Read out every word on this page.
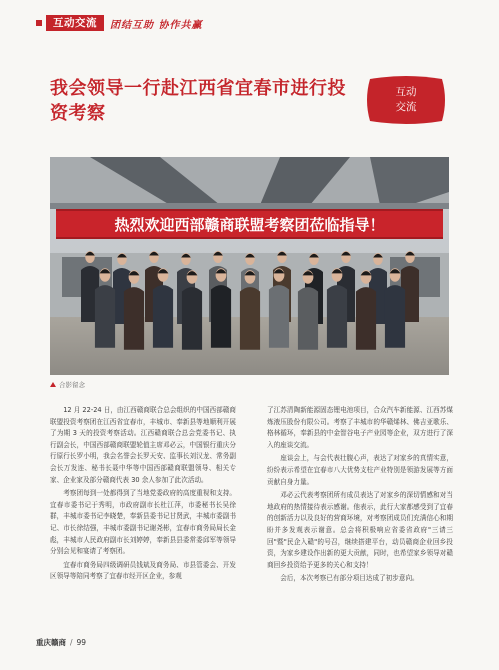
互动交流	团结互助 协作共赢
我会领导一行赴江西省宜春市进行投资考察
互动
交流
热烈欢迎西部赣商联盟考察团莅临指导！
合影留念

12 月 22-24 日，由江西赣商联合总会组织的中国西部赣商联盟投资考察团在江西省宜春市，丰城市、奉新县等地顺利开展了为期 3 天的投资考察活动。江西赣商联合总会党委书记、执行副会长，中国西部赣商联盟轮值主席邓必云，中国银行重庆分行原行长罗小明，我会名誉会长罗天安、监事长刘汉龙、常务副会长万发连、秘书长聂中华等中国西部赣商联盟领导、相关专家、企业家及部分赣商代表 30 余人参加了此次活动。

考察团每到一处都得到了当地党委政府的高度重视和支持。宜春市委书记于秀明，市政府副市长杜江萍，市委秘书长吴徐群，丰城市委书记李晓楚，奉新县委书记甘贤武，丰城市委副书记、市长徐结强，丰城市委副书记谢尧彬，宜春市商务局局长金彪，丰城市人民政府副市长刘婷婷，奉新县县委常委邱军等领导分别会见和宴请了考察团。

宜春市商务局四级调研员钱斌及商务局、市县管委会、开发区领导等陪同考察了宜春市经开区企业，参观

了江苏清陶新能源固态锂电池项目，合众汽车新能源、江西苏煤炼液压股份有限公司。考察了丰城市的华赣烯林、佛吉亚歌乐、格林循环，奉新县的中金智谷电子产业园等企业，双方进行了深入的座谈交流。

座谈会上，与会代表壮腹心声，表达了对家乡的真情实意，纷纷表示希望在宜春市八大优势支柱产业特别是领游发展等方面贡献自身力量。

邓必云代表考察团所有成员表达了对家乡的深切情感和对当地政府的热情接待表示感谢。他表示，此行大家都感受到了宜春的创新活力以及良好的营商环境，对考察团成员们充满信心和期盼并多发观表示谢意。总会将积极响应省委省政府"三请三回"暨"民企入赣"的号召，继续搭建平台，动员赣商企业回乡投资，为家乡建设作出新的更大贡献，同时，也希望家乡领导对赣商回乡投资给予更多的关心和支持！

会后，本次考察已有部分项目达成了初步意向。

重庆赣商 / 99
